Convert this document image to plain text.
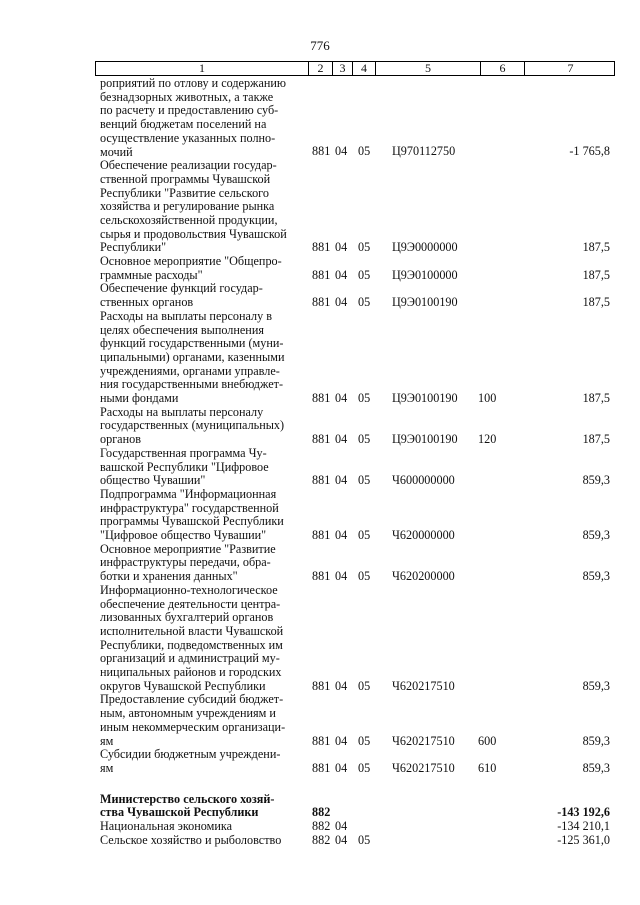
776
1	2	3	4	5	6	7
роприятий по отлову и содержанию
безнадзорных животных, а также
по расчету и предоставлению суб-
венций бюджетам поселений на
осуществление указанных полно-
мочий	881 04 05 Ц970112750	-1 765,8
Обеспечение реализации государ-
ственной программы Чувашской
Республики "Развитие сельского
хозяйства и регулирование рынка
сельскохозяйственной продукции,
сырья и продовольствия Чувашской
Республики"	881 04 05 Ц9Э0000000	187,5
Основное мероприятие "Общепро-
граммные расходы"	881 04 05 Ц9Э0100000	187,5
Обеспечение функций государ-
ственных органов	881 04 05 Ц9Э0100190	187,5
Расходы на выплаты персоналу в
целях обеспечения выполнения
функций государственными (муни-
ципальными) органами, казенными
учреждениями, органами управле-
ния государственными внебюджет-
ными фондами	881 04 05 Ц9Э0100190 100	187,5
Расходы на выплаты персоналу
государственных (муниципальных)
органов	881 04 05 Ц9Э0100190 120	187,5
Государственная программа Чу-
вашской Республики "Цифровое
общество Чувашии"	881 04 05 Ч600000000	859,3
Подпрограмма "Информационная
инфраструктура" государственной
программы Чувашской Республики
"Цифровое общество Чувашии"	881 04 05 Ч620000000	859,3
Основное мероприятие "Развитие
инфраструктуры передачи, обра-
ботки и хранения данных"	881 04 05 Ч620200000	859,3
Информационно-технологическое
обеспечение деятельности центра-
лизованных бухгалтерий органов
исполнительной власти Чувашской
Республики, подведомственных им
организаций и администраций му-
ниципальных районов и городских
округов Чувашской Республики	881 04 05 Ч620217510	859,3
Предоставление субсидий бюджет-
ным, автономным учреждениям и
иным некоммерческим организаци-
ям	881 04 05 Ч620217510 600	859,3
Субсидии бюджетным учреждени-
ям	881 04 05 Ч620217510 610	859,3
Министерство сельского хозяй-
ства Чувашской Республики	882	-143 192,6
Национальная экономика	882 04	-134 210,1
Сельское хозяйство и рыболовство	882 04 05	-125 361,0
